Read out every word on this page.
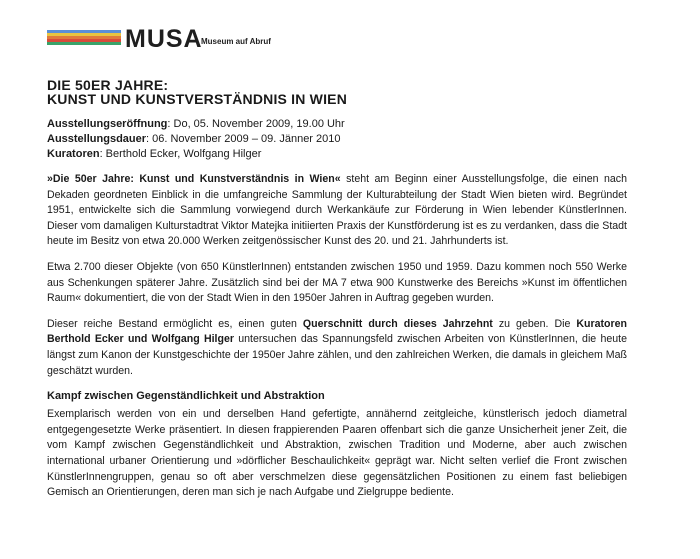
MUSA
Museum auf Abruf
DIE 50ER JAHRE:
KUNST UND KUNSTVERSTÄNDNIS IN WIEN
Ausstellungseröffnung: Do, 05. November 2009, 19.00 Uhr
Ausstellungsdauer: 06. November 2009 – 09. Jänner 2010
Kuratoren: Berthold Ecker, Wolfgang Hilger

»Die 50er Jahre: Kunst und Kunstverständnis in Wien« steht am Beginn einer Ausstellungsfolge, die einen nach Dekaden geordneten Einblick in die umfangreiche Sammlung der Kulturabteilung der Stadt Wien bieten wird. Begründet 1951, entwickelte sich die Sammlung vorwiegend durch Werkankäufe zur Förderung in Wien lebender KünstlerInnen. Dieser vom damaligen Kulturstadtrat Viktor Matejka initiierten Praxis der Kunstförderung ist es zu verdanken, dass die Stadt heute im Besitz von etwa 20.000 Werken zeitgenössischer Kunst des 20. und 21. Jahrhunderts ist.

Etwa 2.700 dieser Objekte (von 650 KünstlerInnen) entstanden zwischen 1950 und 1959. Dazu kommen noch 550 Werke aus Schenkungen späterer Jahre. Zusätzlich sind bei der MA 7 etwa 900 Kunstwerke des Bereichs »Kunst im öffentlichen Raum« dokumentiert, die von der Stadt Wien in den 1950er Jahren in Auftrag gegeben wurden.

Dieser reiche Bestand ermöglicht es, einen guten Querschnitt durch dieses Jahrzehnt zu geben. Die Kuratoren Berthold Ecker und Wolfgang Hilger untersuchen das Spannungsfeld zwischen Arbeiten von KünstlerInnen, die heute längst zum Kanon der Kunstgeschichte der 1950er Jahre zählen, und den zahlreichen Werken, die damals in gleichem Maß geschätzt wurden.

Kampf zwischen Gegenständlichkeit und Abstraktion

Exemplarisch werden von ein und derselben Hand gefertigte, annähernd zeitgleiche, künstlerisch jedoch diametral entgegengesetzte Werke präsentiert. In diesen frappierenden Paaren offenbart sich die ganze Unsicherheit jener Zeit, die vom Kampf zwischen Gegenständlichkeit und Abstraktion, zwischen Tradition und Moderne, aber auch zwischen international urbaner Orientierung und »dörflicher Beschaulichkeit« geprägt war. Nicht selten verlief die Front zwischen KünstlerInnengruppen, genau so oft aber verschmelzen diese gegensätzlichen Positionen zu einem fast beliebigen Gemisch an Orientierungen, deren man sich je nach Aufgabe und Zielgruppe bediente.
